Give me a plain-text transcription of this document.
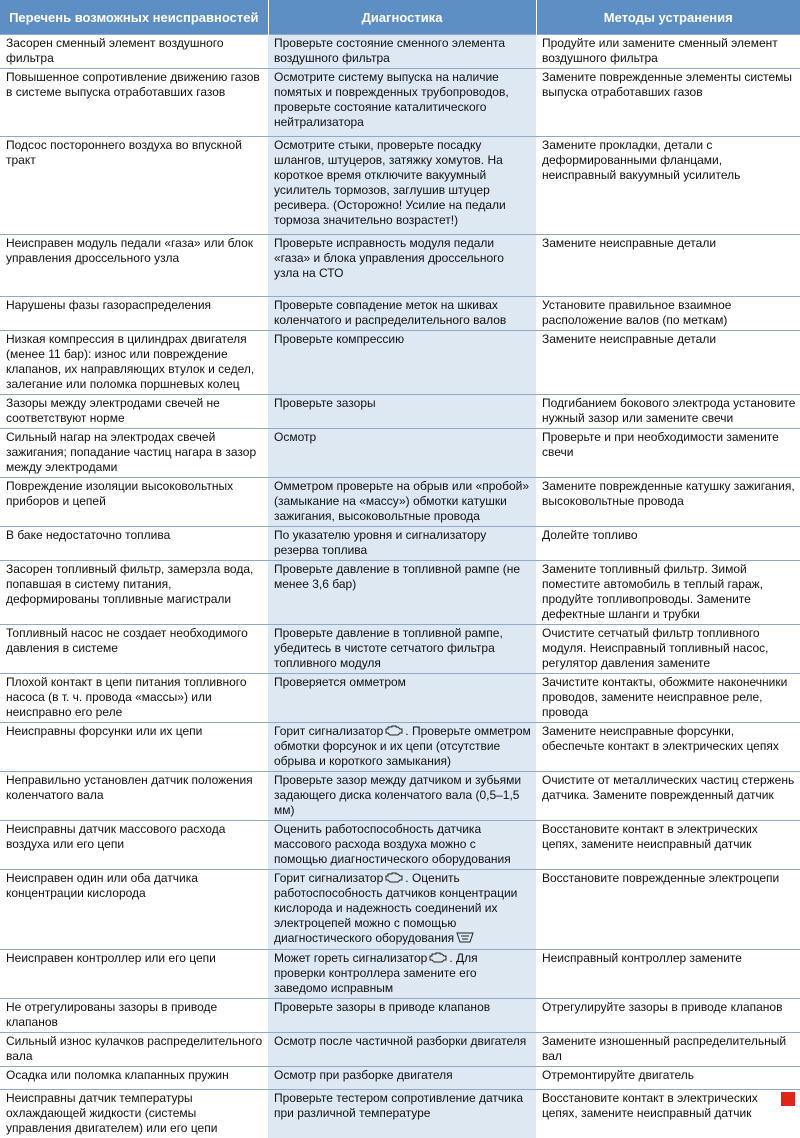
Перечень возможных неисправностей	Диагностика	Методы устранения
Засорен сменный элемент воздушного фильтра	Проверьте состояние сменного элемента воздушного фильтра	Продуйте или замените сменный элемент воздушного фильтра
Повышенное сопротивление движению газов в системе выпуска отработавших газов	Осмотрите систему выпуска на наличие помятых и поврежденных трубопроводов, проверьте состояние каталитического нейтрализатора	Замените поврежденные элементы системы выпуска отработавших газов
Подсос постороннего воздуха во впускной тракт	Осмотрите стыки, проверьте посадку шлангов, штуцеров, затяжку хомутов. На короткое время отключите вакуумный усилитель тормозов, заглушив штуцер ресивера. (Осторожно! Усилие на педали тормоза значительно возрастет!)	Замените прокладки, детали с деформированными фланцами, неисправный вакуумный усилитель
Неисправен модуль педали «газа» или блок управления дроссельного узла	Проверьте исправность модуля педали «газа» и блока управления дроссельного узла на СТО	Замените неисправные детали
Нарушены фазы газораспределения	Проверьте совпадение меток на шкивах коленчатого и распределительного валов	Установите правильное взаимное расположение валов (по меткам)
Низкая компрессия в цилиндрах двигателя (менее 11 бар): износ или повреждение клапанов, их направляющих втулок и седел, залегание или поломка поршневых колец	Проверьте компрессию	Замените неисправные детали
Зазоры между электродами свечей не соответствуют норме	Проверьте зазоры	Подгибанием бокового электрода установите нужный зазор или замените свечи
Сильный нагар на электродах свечей зажигания; попадание частиц нагара в зазор между электродами	Осмотр	Проверьте и при необходимости замените свечи
Повреждение изоляции высоковольтных приборов и цепей	Омметром проверьте на обрыв или «пробой» (замыкание на «массу») обмотки катушки зажигания, высоковольтные провода	Замените поврежденные катушку зажигания, высоковольтные провода
В баке недостаточно топлива	По указателю уровня и сигнализатору резерва топлива	Долейте топливо
Засорен топливный фильтр, замерзла вода, попавшая в систему питания, деформированы топливные магистрали	Проверьте давление в топливной рампе (не менее 3,6 бар)	Замените топливный фильтр. Зимой поместите автомобиль в теплый гараж, продуйте топливопроводы. Замените дефектные шланги и трубки
Топливный насос не создает необходимого давления в системе	Проверьте давление в топливной рампе, убедитесь в чистоте сетчатого фильтра топливного модуля	Очистите сетчатый фильтр топливного модуля. Неисправный топливный насос, регулятор давления замените
Плохой контакт в цепи питания топливного насоса (в т. ч. провода «массы») или неисправно его реле	Проверяется омметром	Зачистите контакты, обожмите наконечники проводов, замените неисправное реле, провода
Неисправны форсунки или их цепи	Горит сигнализатор . Проверьте омметром обмотки форсунок и их цепи (отсутствие обрыва и короткого замыкания)	Замените неисправные форсунки, обеспечьте контакт в электрических цепях
Неправильно установлен датчик положения коленчатого вала	Проверьте зазор между датчиком и зубьями задающего диска коленчатого вала (0,5–1,5 мм)	Очистите от металлических частиц стержень датчика. Замените поврежденный датчик
Неисправны датчик массового расхода воздуха или его цепи	Оценить работоспособность датчика массового расхода воздуха можно с помощью диагностического оборудования	Восстановите контакт в электрических цепях, замените неисправный датчик
Неисправен один или оба датчика концентрации кислорода	Горит сигнализатор . Оценить работоспособность датчиков концентрации кислорода и надежность соединений их электроцепей можно с помощью диагностического оборудования	Восстановите поврежденные электроцепи
Неисправен контроллер или его цепи	Может гореть сигнализатор . Для проверки контроллера замените его заведомо исправным	Неисправный контроллер замените
Не отрегулированы зазоры в приводе клапанов	Проверьте зазоры в приводе клапанов	Отрегулируйте зазоры в приводе клапанов
Сильный износ кулачков распределительного вала	Осмотр после частичной разборки двигателя	Замените изношенный распределительный вал
Осадка или поломка клапанных пружин	Осмотр при разборке двигателя	Отремонтируйте двигатель
Неисправны датчик температуры охлаждающей жидкости (системы управления двигателем) или его цепи	Проверьте тестером сопротивление датчика при различной температуре	Восстановите контакт в электрических цепях, замените неисправный датчик
